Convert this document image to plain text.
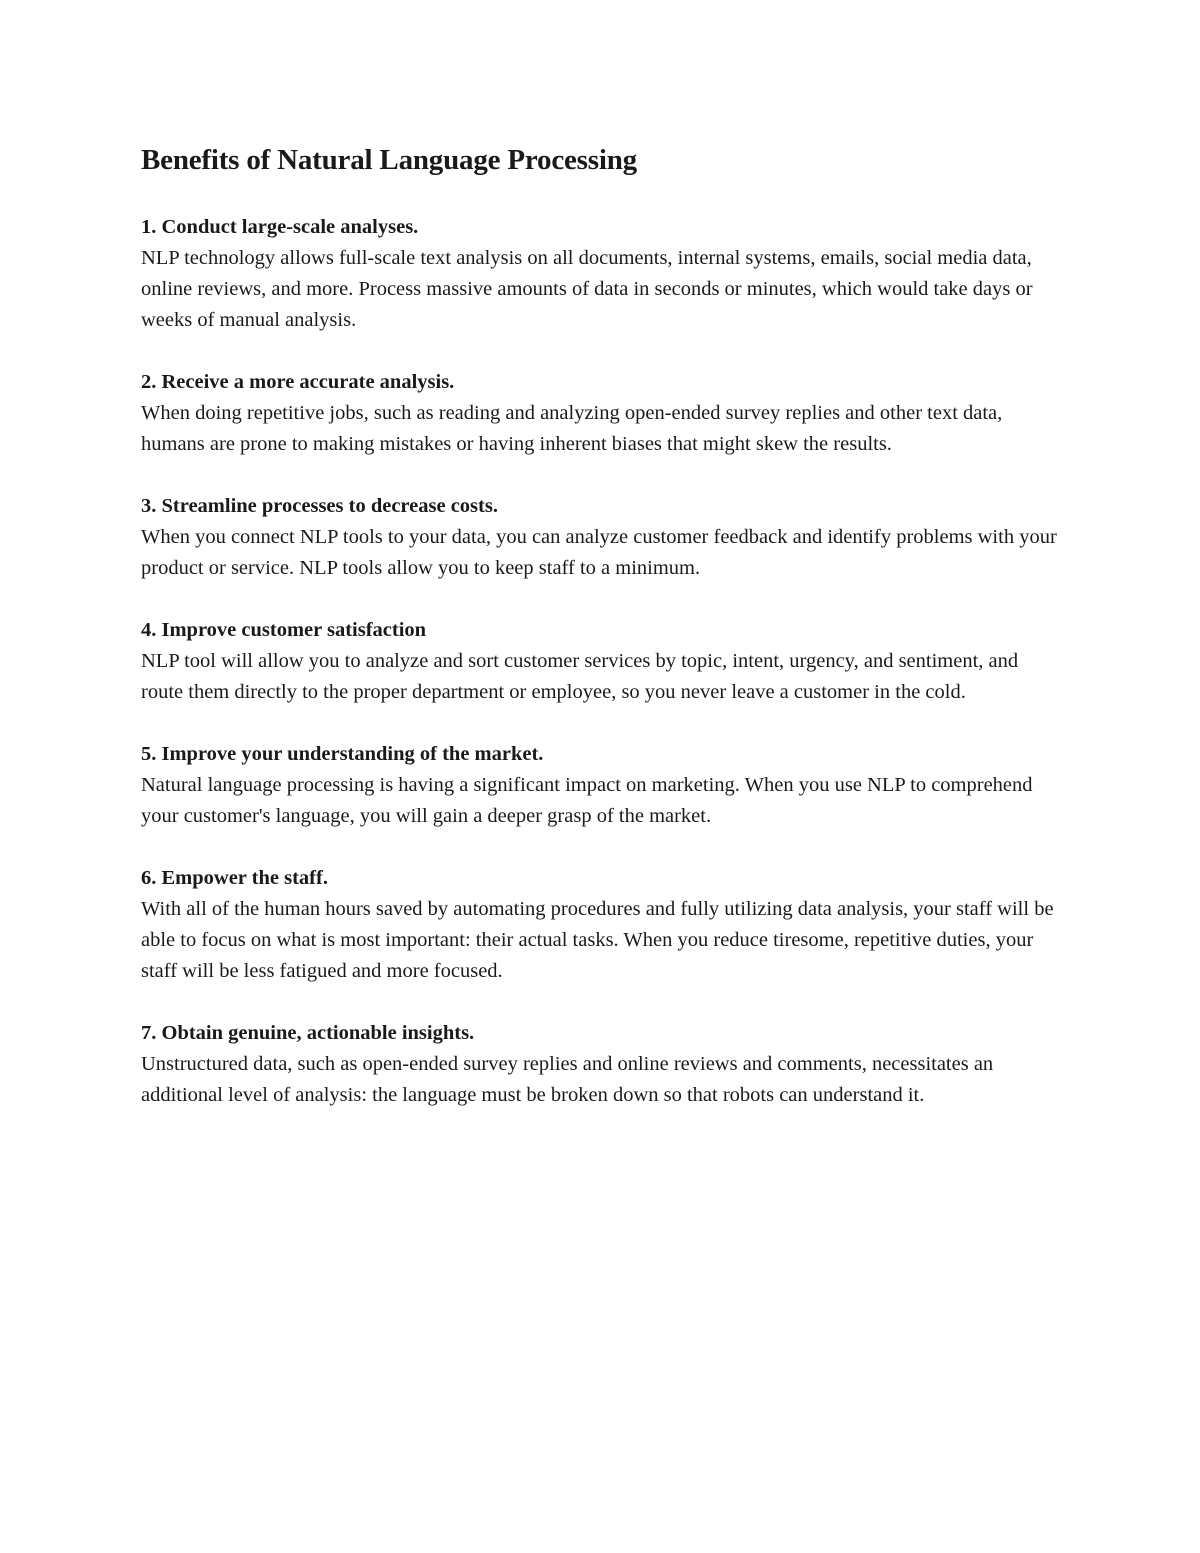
Benefits of Natural Language Processing

1. Conduct large-scale analyses.

NLP technology allows full-scale text analysis on all documents, internal systems, emails, social media data, online reviews, and more. Process massive amounts of data in seconds or minutes, which would take days or weeks of manual analysis.

2. Receive a more accurate analysis.

When doing repetitive jobs, such as reading and analyzing open-ended survey replies and other text data, humans are prone to making mistakes or having inherent biases that might skew the results.

3. Streamline processes to decrease costs.

When you connect NLP tools to your data, you can analyze customer feedback and identify problems with your product or service. NLP tools allow you to keep staff to a minimum.

4. Improve customer satisfaction

NLP tool will allow you to analyze and sort customer services by topic, intent, urgency, and sentiment, and route them directly to the proper department or employee, so you never leave a customer in the cold.

5. Improve your understanding of the market.

Natural language processing is having a significant impact on marketing. When you use NLP to comprehend your customer's language, you will gain a deeper grasp of the market.

6. Empower the staff.

With all of the human hours saved by automating procedures and fully utilizing data analysis, your staff will be able to focus on what is most important: their actual tasks. When you reduce tiresome, repetitive duties, your staff will be less fatigued and more focused.

7. Obtain genuine, actionable insights.

Unstructured data, such as open-ended survey replies and online reviews and comments, necessitates an additional level of analysis: the language must be broken down so that robots can understand it.
